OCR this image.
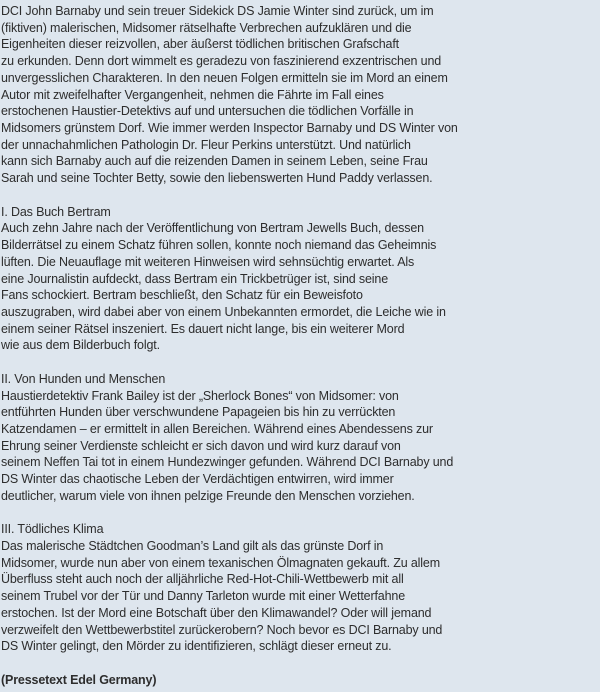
DCI John Barnaby und sein treuer Sidekick DS Jamie Winter sind zurück, um im
(fiktiven) malerischen, Midsomer rätselhafte Verbrechen aufzuklären und die
Eigenheiten dieser reizvollen, aber äußerst tödlichen britischen Grafschaft
zu erkunden. Denn dort wimmelt es geradezu von faszinierend exzentrischen und
unvergesslichen Charakteren. In den neuen Folgen ermitteln sie im Mord an einem
Autor mit zweifelhafter Vergangenheit, nehmen die Fährte im Fall eines
erstochenen Haustier-Detektivs auf und untersuchen die tödlichen Vorfälle in
Midsomers grünstem Dorf. Wie immer werden Inspector Barnaby und DS Winter von
der unnachahmlichen Pathologin Dr. Fleur Perkins unterstützt. Und natürlich
kann sich Barnaby auch auf die reizenden Damen in seinem Leben, seine Frau
Sarah und seine Tochter Betty, sowie den liebenswerten Hund Paddy verlassen.
I. Das Buch Bertram
Auch zehn Jahre nach der Veröffentlichung von Bertram Jewells Buch, dessen
Bilderrätsel zu einem Schatz führen sollen, konnte noch niemand das Geheimnis
lüften. Die Neuauflage mit weiteren Hinweisen wird sehnsüchtig erwartet. Als
eine Journalistin aufdeckt, dass Bertram ein Trickbetrüger ist, sind seine
Fans schockiert. Bertram beschließt, den Schatz für ein Beweisfoto
auszugraben, wird dabei aber von einem Unbekannten ermordet, die Leiche wie in
einem seiner Rätsel inszeniert. Es dauert nicht lange, bis ein weiterer Mord
wie aus dem Bilderbuch folgt.
II. Von Hunden und Menschen
Haustierdetektiv Frank Bailey ist der „Sherlock Bones“ von Midsomer: von
entführten Hunden über verschwundene Papageien bis hin zu verrückten
Katzendamen – er ermittelt in allen Bereichen. Während eines Abendessens zur
Ehrung seiner Verdienste schleicht er sich davon und wird kurz darauf von
seinem Neffen Tai tot in einem Hundezwinger gefunden. Während DCI Barnaby und
DS Winter das chaotische Leben der Verdächtigen entwirren, wird immer
deutlicher, warum viele von ihnen pelzige Freunde den Menschen vorziehen.
III. Tödliches Klima
Das malerische Städtchen Goodman’s Land gilt als das grünste Dorf in
Midsomer, wurde nun aber von einem texanischen Ölmagnaten gekauft. Zu allem
Überfluss steht auch noch der alljährliche Red-Hot-Chili-Wettbewerb mit all
seinem Trubel vor der Tür und Danny Tarleton wurde mit einer Wetterfahne
erstochen. Ist der Mord eine Botschaft über den Klimawandel? Oder will jemand
verzweifelt den Wettbewerbstitel zurückerobern? Noch bevor es DCI Barnaby und
DS Winter gelingt, den Mörder zu identifizieren, schlägt dieser erneut zu.
(Pressetext Edel Germany)
